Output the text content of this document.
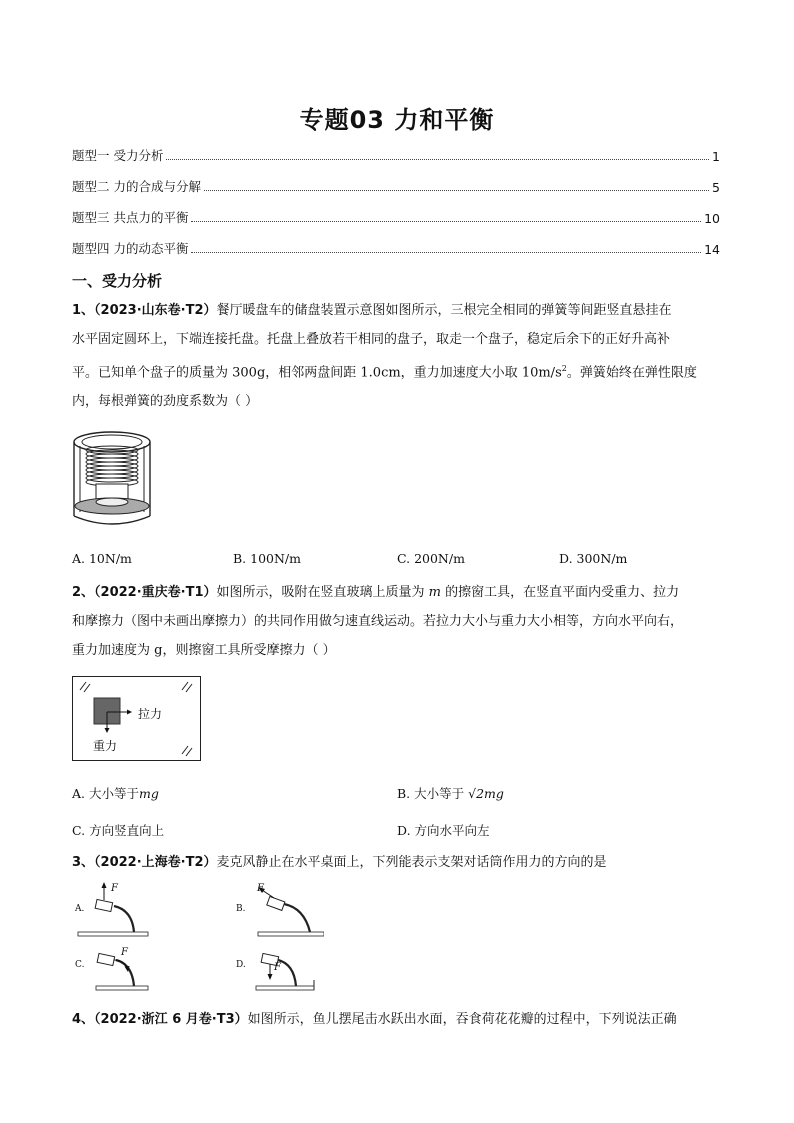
专题03 力和平衡
题型一 受力分析	1
题型二 力的合成与分解	5
题型三 共点力的平衡	10
题型四 力的动态平衡	14
一、受力分析
1、（2023·山东卷·T2）餐厅暖盘车的储盘装置示意图如图所示，三根完全相同的弹簧等间距竖直悬挂在
水平固定圆环上，下端连接托盘。托盘上叠放若干相同的盘子，取走一个盘子，稳定后余下的正好升高补
平。已知单个盘子的质量为 300g，相邻两盘间距 1.0cm，重力加速度大小取 $10m/s^2$。弹簧始终在弹性限度
内，每根弹簧的劲度系数为（ ）
A. 10N/m	B. 100N/m	C. 200N/m	D. 300N/m
2、（2022·重庆卷·T1）如图所示，吸附在竖直玻璃上质量为 m 的擦窗工具，在竖直平面内受重力、拉力
和摩擦力（图中未画出摩擦力）的共同作用做匀速直线运动。若拉力大小与重力大小相等，方向水平向右，
重力加速度为 g，则擦窗工具所受摩擦力（ ）
拉力
重力
A. 大小等于mg	B. 大小等于 √2mg
C. 方向竖直向上	D. 方向水平向左
3、（2022·上海卷·T2）麦克风静止在水平桌面上，下列能表示支架对话筒作用力的方向的是
A.
F
B.
F
C.
F
D.	F
4、（2022·浙江 6 月卷·T3）如图所示，鱼儿摆尾击水跃出水面，吞食荷花花瓣的过程中，下列说法正确
